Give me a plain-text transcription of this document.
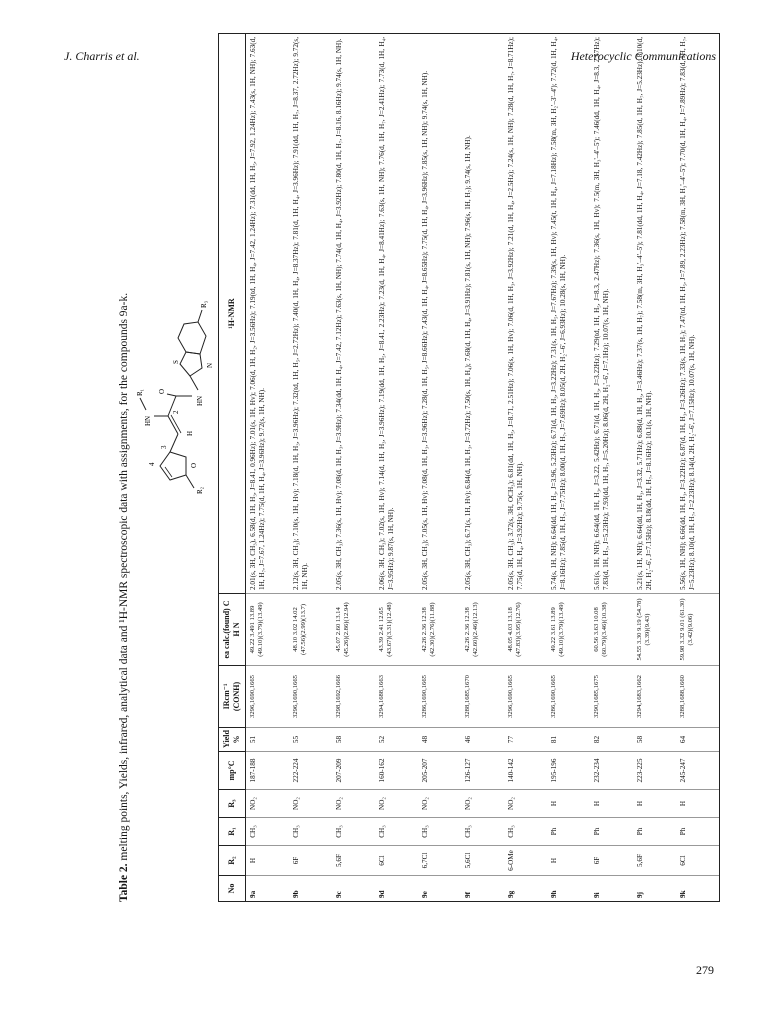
J. Charris et al.	Heterocyclic Communications
Table 2. melting points, Yields, infrared, analytical data and ¹H-NMR spectroscopic data with assignments, for the compounds 9a-k.	R₂
O
4
3
H
2
HN
R₁ O
HN
S
N
R₃
No	R₂	R₁	R₃	mp°C	Yield %	IRcm⁻¹ (CONH)	ea calc.(found) C H N	¹H-NMR
9a	H	CH₃	NO₂	187-188	51	3296,1690,1665	49.22 3.491 13.89 (49.10)(3.79)(13.49)	2.01(s, 3H, CH₃), 6.58(d, 1H, H₃, J=8.41, 0.96Hz); 7.01(s, 1H, Hv); 7.06(d, 1H, H₂, J=3.56Hz); 7.19(td, 1H, H₄, J=7.42, 1.24Hz); 7.31(dd, 1H, H₅, J=7.92, 1.24Hz); 7.43(s, 1H, NH); 7.63(d, 1H, H₇, J=7.67, 1.24Hz); 7.75(d, 1H, H₄, J=3.96Hz); 9.72(s, 1H, NH).
9b	6F	CH₃	NO₂	222-224	55	3296,1690,1665	48.10 3.02 14.02 (47.56)(2.99)(13.7)	2.12(s, 3H, CH₃); 7.10(s, 1H, Hv); 7.18(d, 1H, H₃, J=3.96Hz); 7.32(td, 1H, H₅, J=2.72Hz); 7.40(d, 1H, H₄, J=8.37Hz); 7.81(d, 1H, H₄, J=3.96Hz); 7.91(dd, 1H, H₇, J=8.37, 2.72Hz); 9.72(s, 1H, NH).
9c	5,6F	CH₃	NO₂	207-209	58	3298,1692,1666	45.07 2.60 13.14 (45.26)(2.86)(12.94)	2.05(s, 3H, CH₃); 7.36(s, 1H, Hv); 7.08(d, 1H, H₃, J=3.9Hz); 7.34(dd, 1H, H₄, J=7.42, 7.12Hz); 7.63(s, 1H, NH); 7.74(d, 1H, H₄, J=3.92Hz); 7.80(d, 1H, H₇, J=8.16, 8.16Hz); 9.74(s, 1H, NH).
9d	6Cl	CH₃	NO₂	160-162	52	3294,1688,1663	43.39 2.41 12.65 (43.67)(3.31)(12.48)	2.06(s, 3H, CH₃); 7.02(s, 1H, Hv); 7.14(d, 1H, H₃, J=3.96Hz); 7.19(dd, 1H, H₅, J=8.41, 2.23Hz); 7.23(d, 1H, H₄, J=8.41Hz); 7.63(s, 1H, NH); 7.76(d, 1H, H₇, J=2.41Hz); 7.73(d, 1H, H₄, J=3.95Hz); 9.87(s, 1H, NH).
9e	6,7Cl	CH₃	NO₂	205-207	48	3286,1690,1665	42.26 2.36 12.38 (42.30)(2.76)(11.88)	2.05(s, 3H, CH₃); 7.05(s, 1H, Hv); 7.08(d, 1H, H₃, J=3.96Hz); 7.28(d, 1H, H₅, J=8.66Hz); 7.43(d, 1H, H₄, J=8.65Hz); 7.75(d, 1H, H₄, J=3.96Hz); 7.85(s, 1H, NH); 9.74(s, 1H, NH).
9f	5,6Cl	CH₃	NO₂	126-127	46	3288,1685,1670	42.26 2.36 12.38 (42.60)(2.46)(12.13)	2.05(s, 3H, CH₃); 6.71(s, 1H, Hv); 6.84(d, 1H, H₃, J=3.72Hz); 7.50(s, 1H, H₄); 7.68(d, 1H, H₄, J=3.91Hz); 7.81(s, 1H, NH); 7.96(s, 1H, H₇); 9.74(s, 1H, NH).
9g	6-OMe	CH₃	NO₂	140-142	77	3296,1690,1665	48.05 4.03 13.18 (47.83)(3.95)(12.76)	2.05(s, 3H, CH₃); 3.72(s, 3H, OCH₃); 6.81(dd, 1H, H₅, J=8.71, 2.51Hz); 7.06(s, 1H, Hv); 7.06(d, 1H, H₃, J=3.92Hz); 7.21(d, 1H, H₄, J=2.5Hz); 7.24(s, 1H, NH); 7.28(d, 1H, H₇, J=8.71Hz); 7.75(d, 1H, H₄, J=3.92Hz); 9.75(s, 1H, NH).
9h	H	Ph	H	195-196	81	3286,1690,1665	49.22 3.61 13.89 (49.10)(3.79)(13.49)	5.74(s, 1H, NH); 6.64(dd, 1H, H₃, J=3.96, 5.23Hz); 6.71(d, 1H, H₃, J=3.22Hz); 7.31(s, 1H, H₅, J=7.67Hz); 7.39(s, 1H, Hv); 7.45(t, 1H, H₄, J=7.18Hz); 7.58(m, 3H, H₂'–3'–4'); 7.72(d, 1H, H₄, J=8.16Hz); 7.85(d, 1H, H₇, J=7.75Hz); 8.00(d, 1H, H₇, J=7.69Hz); 8.05(d, 2H, H₂'–6', J=6.93Hz); 10.28(s, 1H, NH).
9i	6F	Ph	H	232-234	82	3290,1685,1675	60.56 3.63 10.08 (60.79)(3.46)(10.38)	5.61(s, 1H, NH); 6.64(dd, 1H, H₃, J=3.22, 5.42Hz); 6.71(d, 1H, H₃, J=3.22Hz); 7.29(td, 1H, H₅, J=8.3, 2.47Hz); 7.36(s, 1H, Hv); 7.5(m, 3H, H₃'–4'–5'); 7.46(dd, 1H, H₄, J=8.3, 2.57Hz); 7.83(d, 1H, H₇, J=5.23Hz); 7.93(dd, 1H, H₇, J=5.20Hz); 8.06(d, 2H, H₂'–6', J=7.1Hz); 10.07(s, 1H, NH).
9j	5,6F	Ph	H	223-225	58	3294,1683,1662	54.55 3.30 9.19 (54.78)(3.39)(9.43)	5.21(s, 1H, NH); 6.64(dd, 1H, H₃, J=3.32, 5.71Hz); 6.88(d, 1H, H₃, J=3.46Hz); 7.37(s, 1H, H₇); 7.58(m, 3H, H₃'–4'–5'); 7.81(dd, 1H, H₄, J=7.18, 7.42Hz); 7.85(d, 1H, H₇, J=5.23Hz); 8.10(d, 2H, H₂'–6', J=7.15Hz); 8.18(dd, 1H, H₇, J=8.16Hz); 10.1(s, 1H, NH).
9k	6Cl	Ph	H	245-247	64	3288,1688,1660	59.98 3.32 9.01 (61.30)(3.42)(9.06)	5.56(s, 1H, NH); 6.66(dd, 1H, H₃, J=3.22Hz); 6.87(d, 1H, H₃, J=3.26Hz); 7.33(s, 1H, H₇); 7.47(td, 1H, H₅, J=7.89, 2.23Hz); 7.58(m, 3H, H₃'–4'–5'); 7.70(d, 1H, H₄, J=7.89Hz); 7.83(d, 1H, H₇, J=5.23Hz); 8.10(d, 1H, H₇, J=2.23Hz); 8.14(d, 2H, H₂'–6', J=7.15Hz); 10.07(s, 1H, NH).
279
